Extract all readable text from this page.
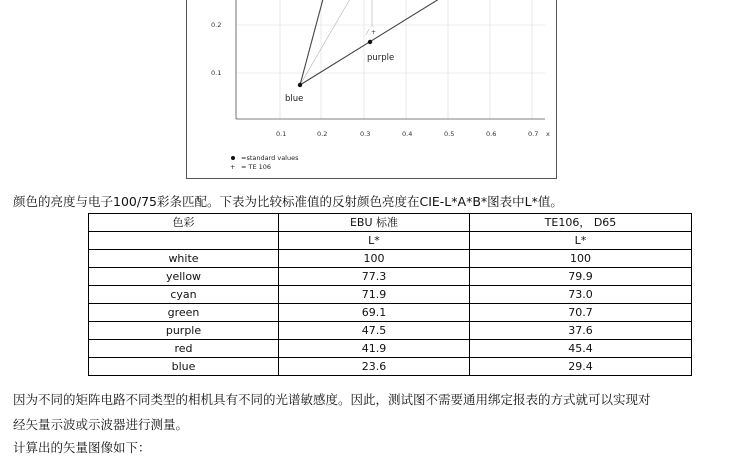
0.2
0.1
0.1	0.2	0.3	0.4	0.5	0.6	0.7 x
+
blue
purple
=standard values
+ = TE 106
颜色的亮度与电子100/75彩条匹配。下表为比较标准值的反射颜色亮度在CIE-L*A*B*图表中L*值。
色彩	EBU 标准	TE106， D65
	L*	L*
white	100	100
yellow	77.3	79.9
cyan	71.9	73.0
green	69.1	70.7
purple	47.5	37.6
red	41.9	45.4
blue	23.6	29.4
因为不同的矩阵电路不同类型的相机具有不同的光谱敏感度。因此，测试图不需要通用绑定报表的方式就可以实现对
经矢量示波或示波器进行测量。
计算出的矢量图像如下：
